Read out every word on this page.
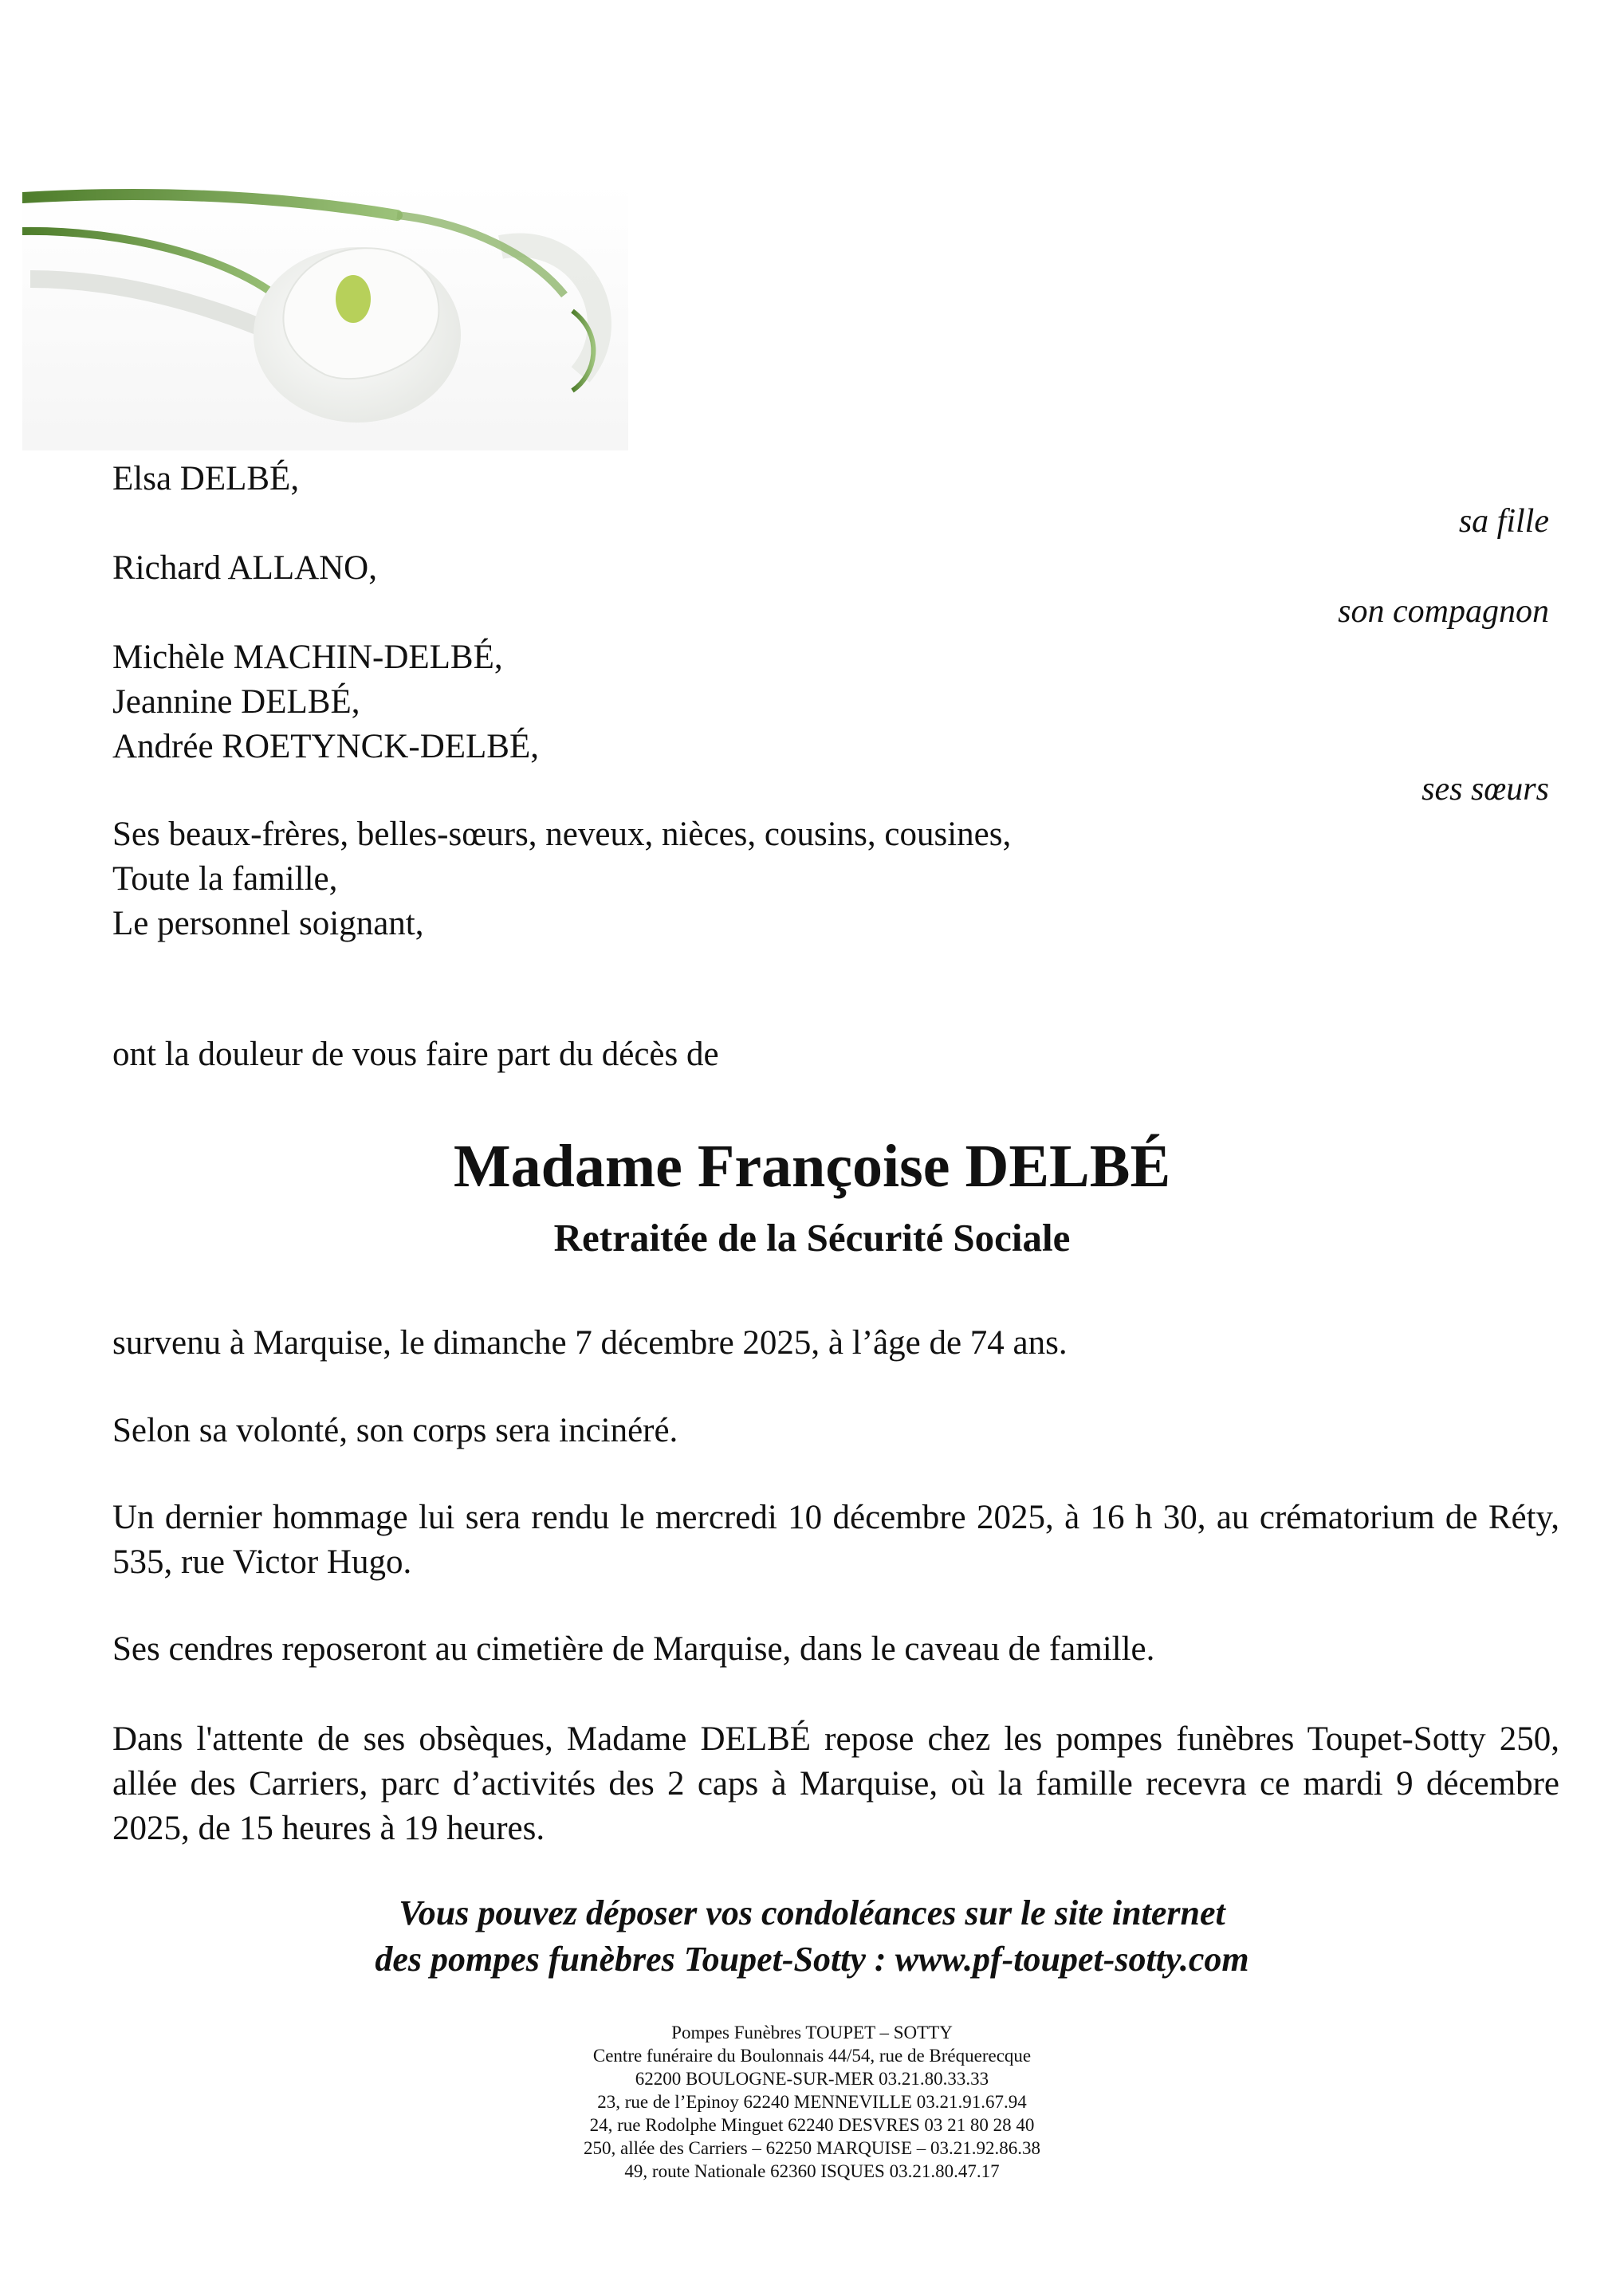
Elsa DELBÉ,
sa fille
Richard ALLANO,
son compagnon
Michèle MACHIN-DELBÉ,
Jeannine DELBÉ,
Andrée ROETYNCK-DELBÉ,
ses sœurs
Ses beaux-frères, belles-sœurs, neveux, nièces, cousins, cousines,
Toute la famille,
Le personnel soignant,
ont la douleur de vous faire part du décès de
Madame Françoise DELBÉ
Retraitée de la Sécurité Sociale
survenu à Marquise, le dimanche 7 décembre 2025, à l’âge de 74 ans.
Selon sa volonté, son corps sera incinéré.
Un dernier hommage lui sera rendu le mercredi 10 décembre 2025, à 16 h 30, au crématorium de Réty, 535, rue Victor Hugo.
Ses cendres reposeront au cimetière de Marquise, dans le caveau de famille.
Dans l'attente de ses obsèques, Madame DELBÉ repose chez les pompes funèbres Toupet-Sotty 250, allée des Carriers, parc d’activités des 2 caps à Marquise, où la famille recevra ce mardi 9 décembre 2025, de 15 heures à 19 heures.
Vous pouvez déposer vos condoléances sur le site internet
des pompes funèbres Toupet-Sotty : www.pf-toupet-sotty.com
Pompes Funèbres TOUPET – SOTTY
Centre funéraire du Boulonnais 44/54, rue de Bréquerecque
62200 BOULOGNE-SUR-MER 03.21.80.33.33
23, rue de l’Epinoy 62240 MENNEVILLE 03.21.91.67.94
24, rue Rodolphe Minguet 62240 DESVRES 03 21 80 28 40
250, allée des Carriers – 62250 MARQUISE – 03.21.92.86.38
49, route Nationale 62360 ISQUES 03.21.80.47.17
